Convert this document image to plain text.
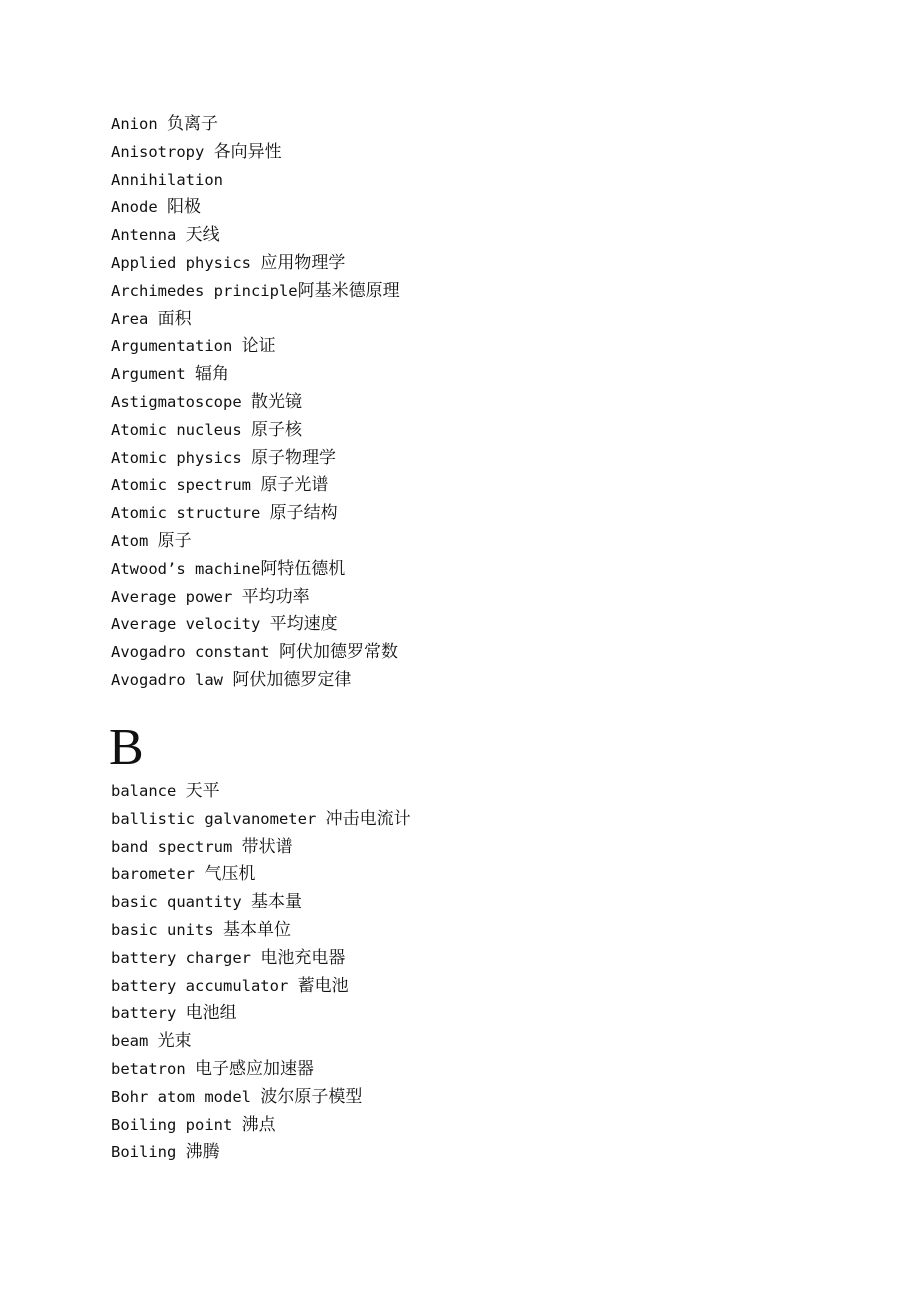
Anion 负离子
Anisotropy 各向异性
Annihilation
Anode 阳极
Antenna 天线
Applied physics 应用物理学
Archimedes principle阿基米德原理
Area 面积
Argumentation 论证
Argument 辐角
Astigmatoscope 散光镜
Atomic nucleus 原子核
Atomic physics 原子物理学
Atomic spectrum 原子光谱
Atomic structure 原子结构
Atom 原子
Atwood’s machine阿特伍德机
Average power 平均功率
Average velocity 平均速度
Avogadro constant 阿伏加德罗常数
Avogadro law 阿伏加德罗定律
B
balance 天平
ballistic galvanometer 冲击电流计
band spectrum 带状谱
barometer 气压机
basic quantity 基本量
basic units 基本单位
battery charger 电池充电器
battery accumulator 蓄电池
battery 电池组
beam 光束
betatron 电子感应加速器
Bohr atom model 波尔原子模型
Boiling point 沸点
Boiling 沸腾
